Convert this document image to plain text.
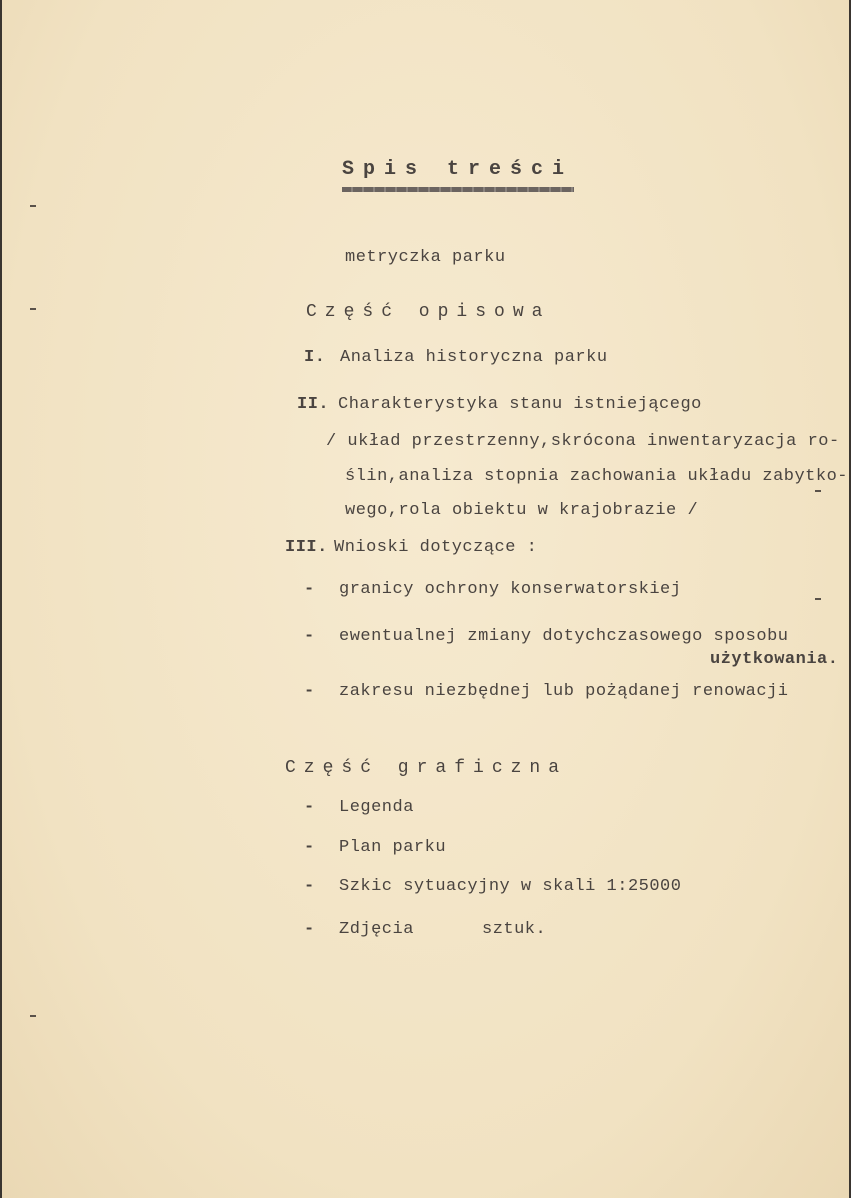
Spis treści
metryczka parku
Część opisowa
I. Analiza historyczna parku
II. Charakterystyka stanu istniejącego
/ układ przestrzenny,skrócona inwentaryzacja ro-
ślin,analiza stopnia zachowania układu zabytko-
wego,rola obiektu w krajobrazie /
III. Wnioski dotyczące :
- granicy ochrony konserwatorskiej
- ewentualnej zmiany dotychczasowego sposobu
użytkowania.
- zakresu niezbędnej lub pożądanej renowacji
Część graficzna
- Legenda
- Plan parku
- Szkic sytuacyjny w skali 1:25000
- Zdjęcia	sztuk.
